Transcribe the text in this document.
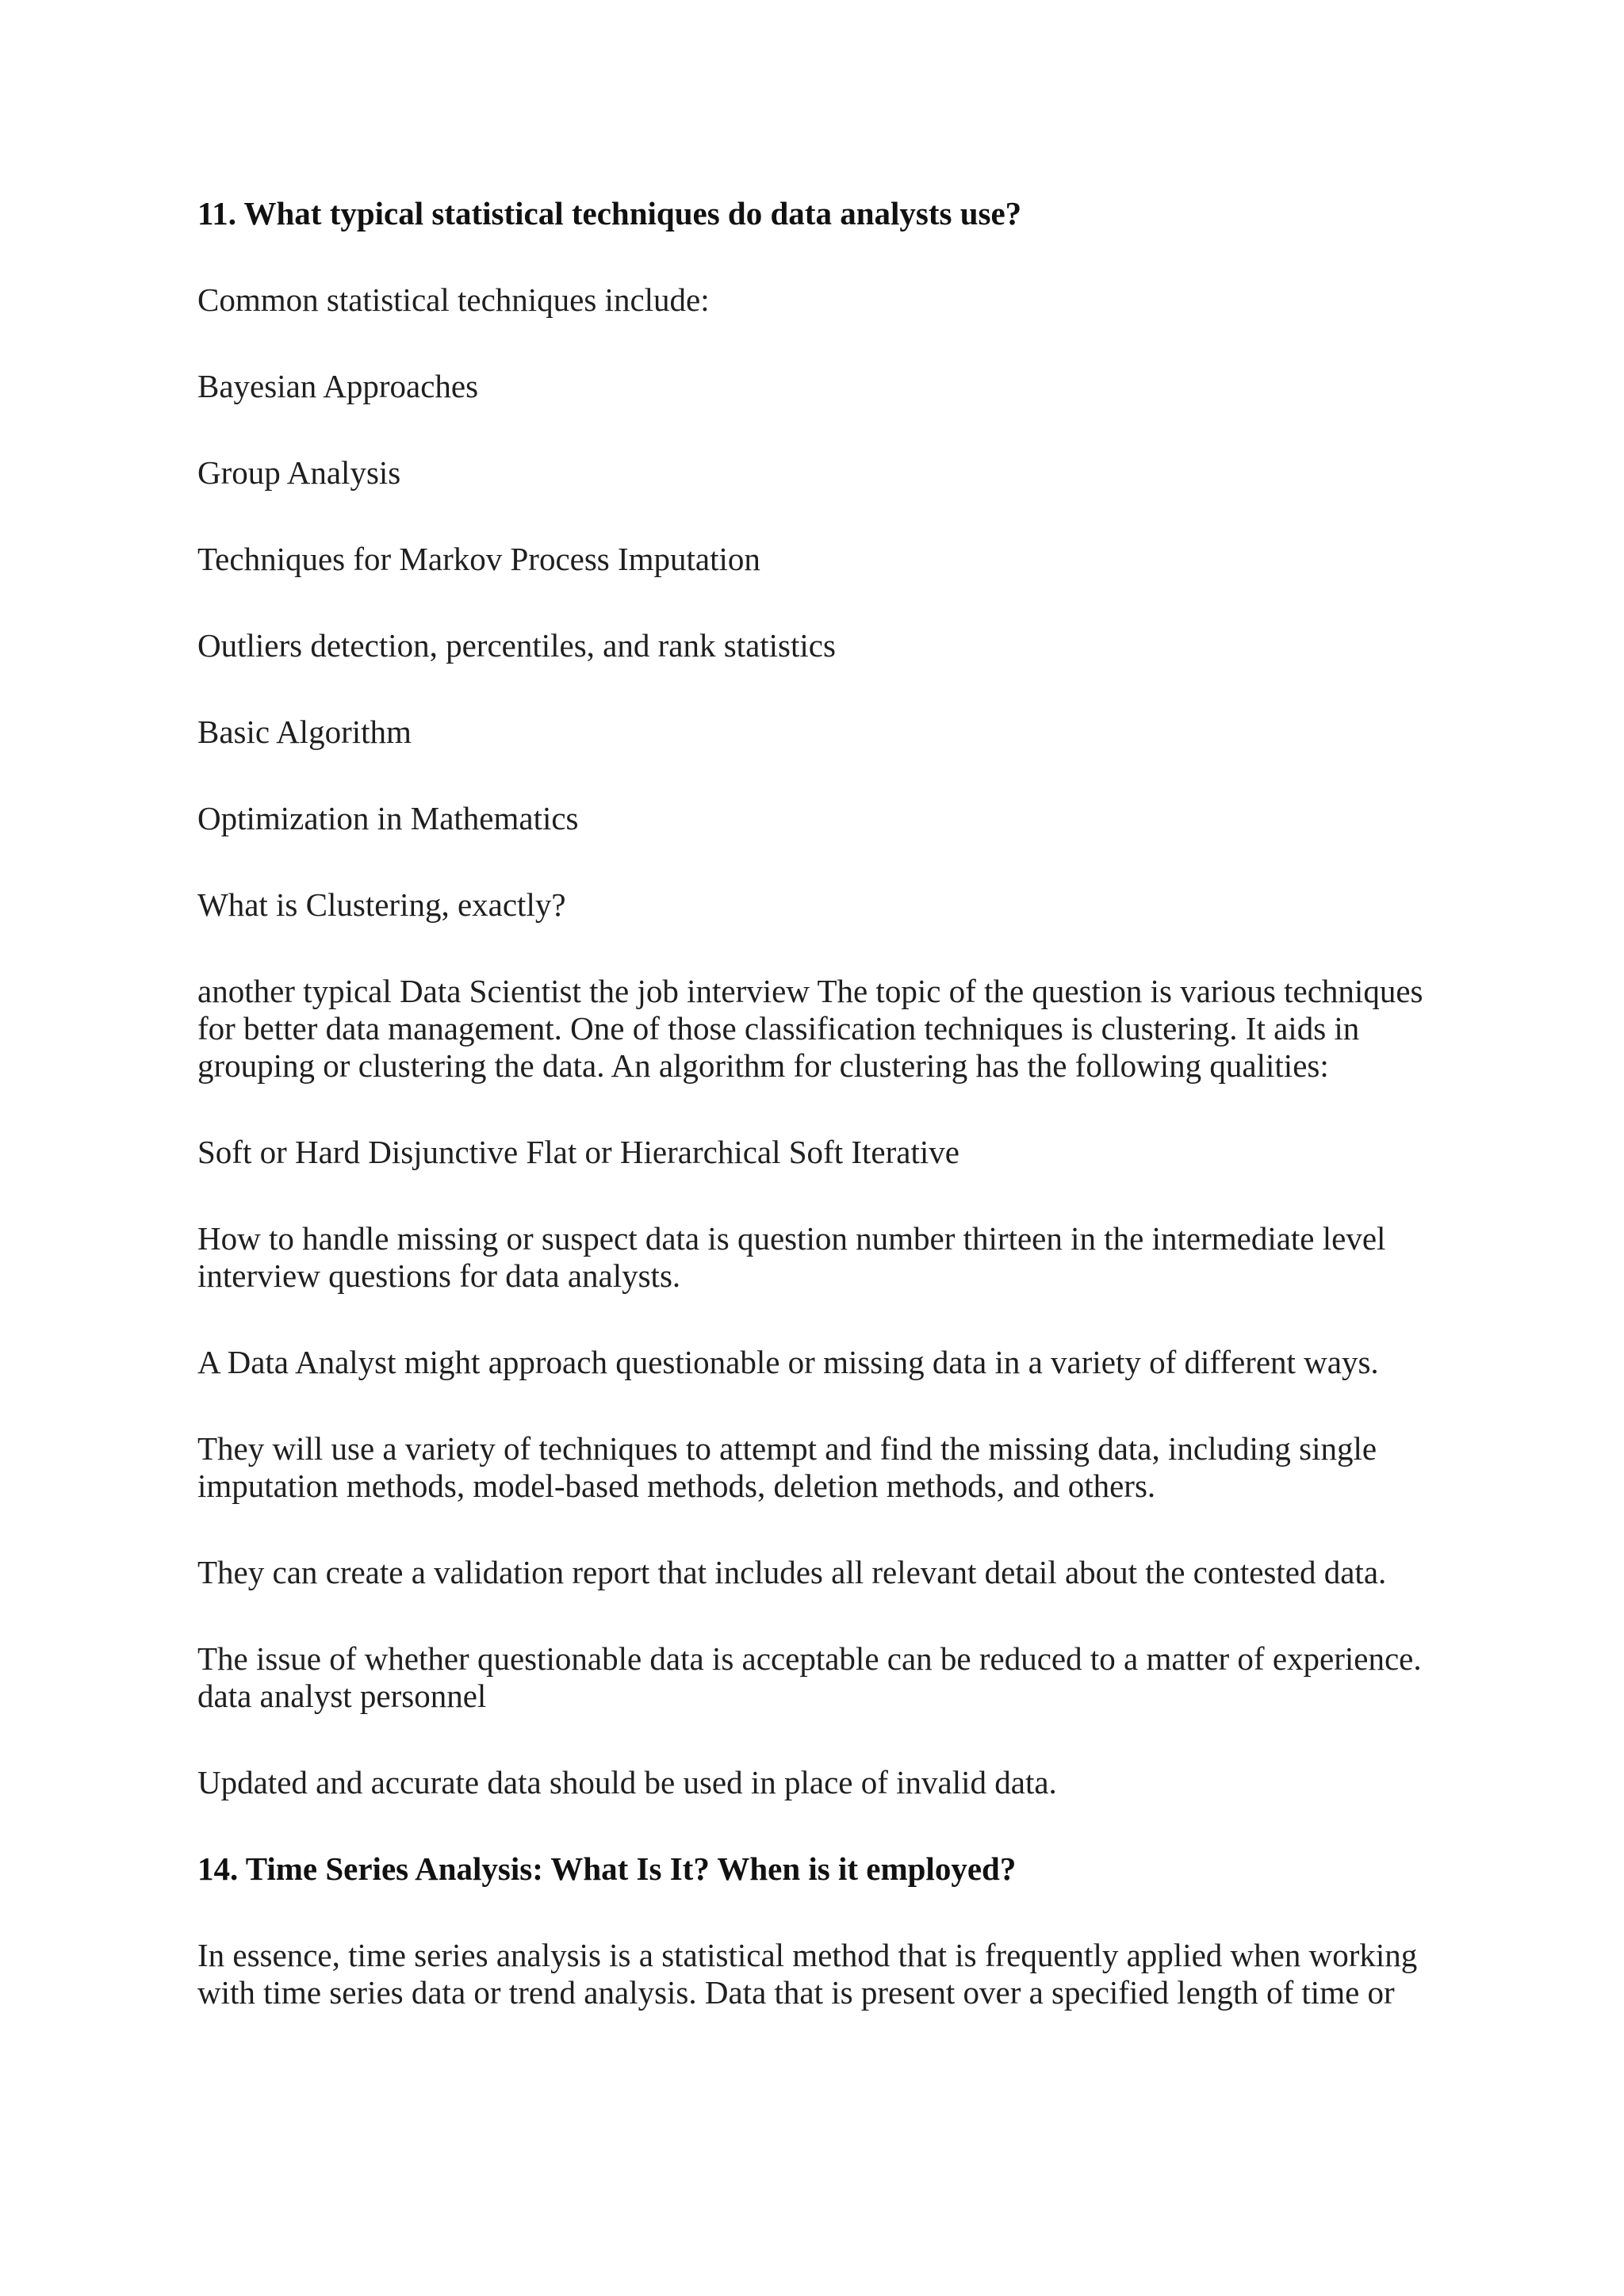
11. What typical statistical techniques do data analysts use?

Common statistical techniques include:

Bayesian Approaches

Group Analysis

Techniques for Markov Process Imputation

Outliers detection, percentiles, and rank statistics

Basic Algorithm

Optimization in Mathematics

What is Clustering, exactly?

another typical Data Scientist the job interview The topic of the question is various techniques for better data management. One of those classification techniques is clustering. It aids in grouping or clustering the data. An algorithm for clustering has the following qualities:

Soft or Hard Disjunctive Flat or Hierarchical Soft Iterative

How to handle missing or suspect data is question number thirteen in the intermediate level interview questions for data analysts.

A Data Analyst might approach questionable or missing data in a variety of different ways.

They will use a variety of techniques to attempt and find the missing data, including single imputation methods, model-based methods, deletion methods, and others.

They can create a validation report that includes all relevant detail about the contested data.

The issue of whether questionable data is acceptable can be reduced to a matter of experience. data analyst personnel

Updated and accurate data should be used in place of invalid data.

14. Time Series Analysis: What Is It? When is it employed?

In essence, time series analysis is a statistical method that is frequently applied when working with time series data or trend analysis. Data that is present over a specified length of time or
